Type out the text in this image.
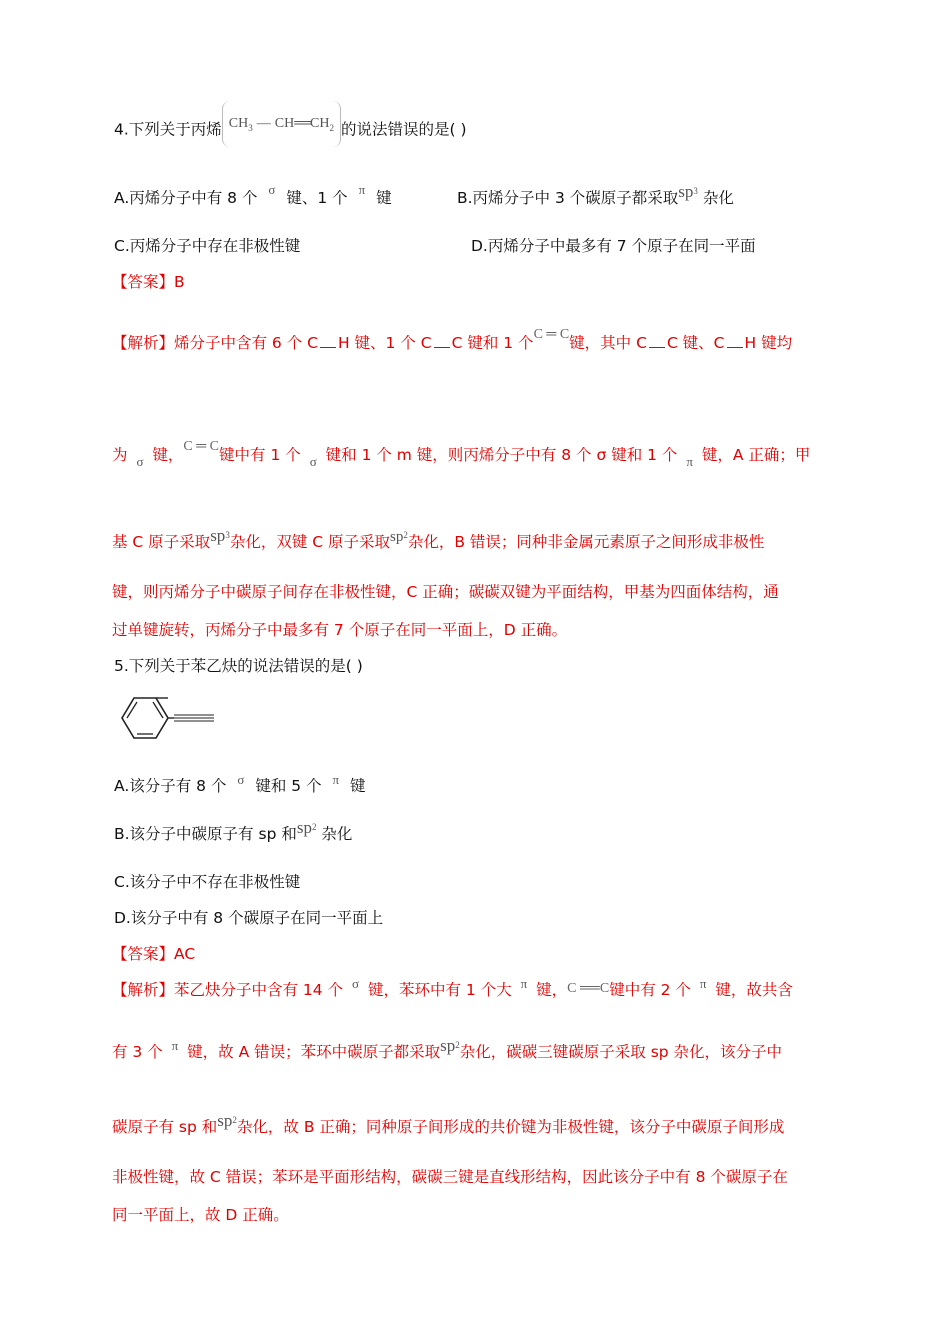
4.下列关于丙烯 $CH_3$ — $CH══CH_2$ 的说法错误的是( )
A.丙烯分子中有 8 个 $^\sigma$ 键、1 个 $^\pi$ 键	B.丙烯分子中 3 个碳原子都采取$sp^3$ 杂化
C.丙烯分子中存在非极性键	D.丙烯分子中最多有 7 个原子在同一平面
【答案】B
【解析】烯分子中含有 6 个 C H 键、1 个 C C 键和 1 个C ═ C键，其中 C C 键、C H 键均
为 $_\sigma$ 键，C ═ C键中有 1 个 $_\sigma$ 键和 1 个 m 键，则丙烯分子中有 8 个 σ 键和 1 个 $_\pi$ 键，A 正确；甲
基 C 原子采取$sp^3$杂化，双键 C 原子采取$sp^2$杂化，B 错误；同种非金属元素原子之间形成非极性
键，则丙烯分子中碳原子间存在非极性键，C 正确；碳碳双键为平面结构，甲基为四面体结构，通
过单键旋转，丙烯分子中最多有 7 个原子在同一平面上，D 正确。
5.下列关于苯乙炔的说法错误的是( )
A.该分子有 8 个 $^\sigma$ 键和 5 个 $^\pi$ 键
B.该分子中碳原子有 sp 和$sp^2$ 杂化
C.该分子中不存在非极性键
D.该分子中有 8 个碳原子在同一平面上
【答案】AC
【解析】苯乙炔分子中含有 14 个 $^\sigma$ 键，苯环中有 1 个大 $^\pi$ 键，C ══C键中有 2 个 $^\pi$ 键，故共含
有 3 个 $^\pi$ 键，故 A 错误；苯环中碳原子都采取$sp^2$杂化，碳碳三键碳原子采取 sp 杂化，该分子中
碳原子有 sp 和$sp^2$杂化，故 B 正确；同种原子间形成的共价键为非极性键，该分子中碳原子间形成
非极性键，故 C 错误；苯环是平面形结构，碳碳三键是直线形结构，因此该分子中有 8 个碳原子在
同一平面上，故 D 正确。
